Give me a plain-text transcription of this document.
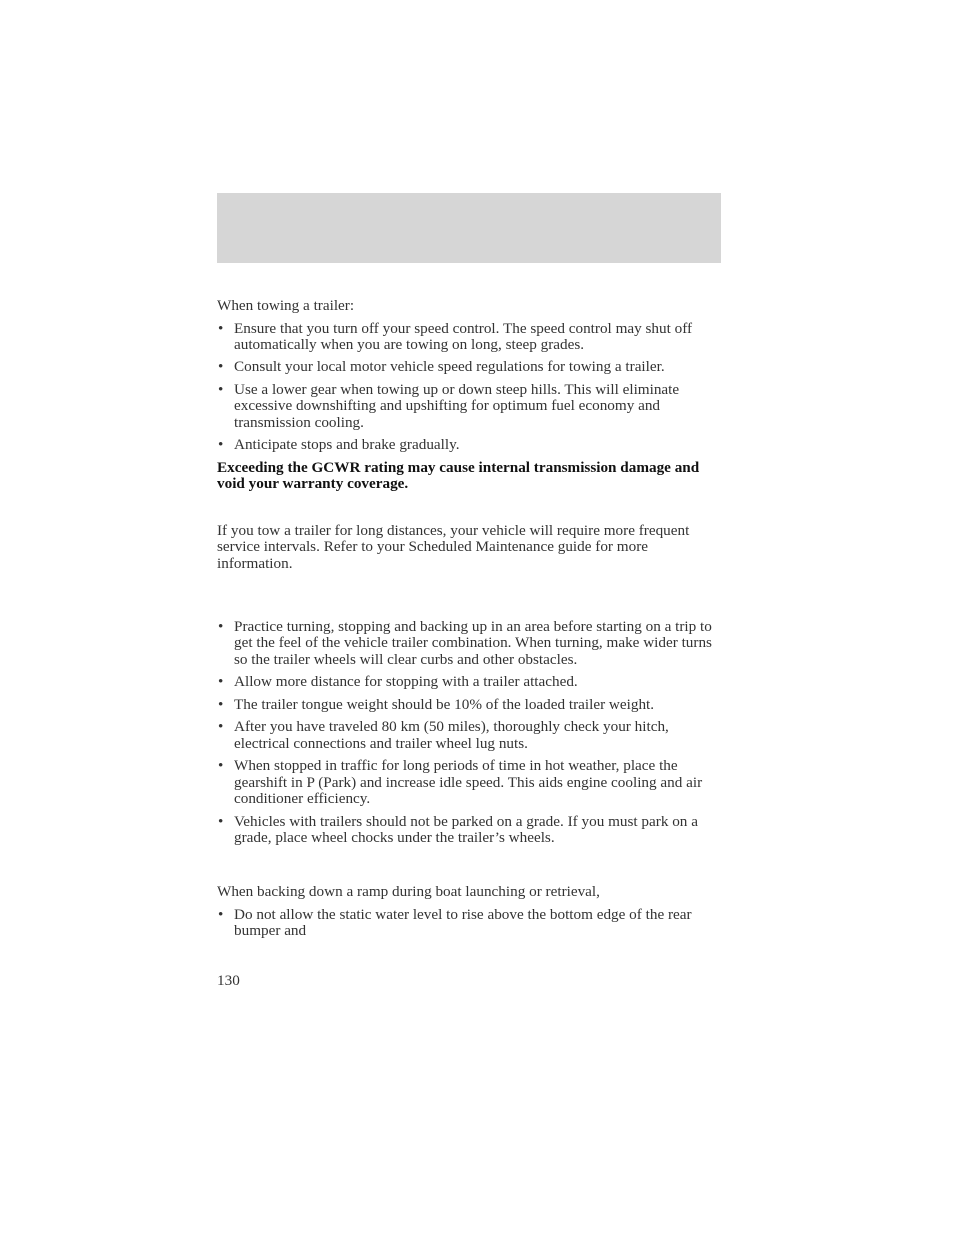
When towing a trailer:

• Ensure that you turn off your speed control. The speed control may shut off automatically when you are towing on long, steep grades.
• Consult your local motor vehicle speed regulations for towing a trailer.
• Use a lower gear when towing up or down steep hills. This will eliminate excessive downshifting and upshifting for optimum fuel economy and transmission cooling.
• Anticipate stops and brake gradually.

Exceeding the GCWR rating may cause internal transmission damage and void your warranty coverage.

If you tow a trailer for long distances, your vehicle will require more frequent service intervals. Refer to your Scheduled Maintenance guide for more information.

• Practice turning, stopping and backing up in an area before starting on a trip to get the feel of the vehicle trailer combination. When turning, make wider turns so the trailer wheels will clear curbs and other obstacles.
• Allow more distance for stopping with a trailer attached.
• The trailer tongue weight should be 10% of the loaded trailer weight.
• After you have traveled 80 km (50 miles), thoroughly check your hitch, electrical connections and trailer wheel lug nuts.
• When stopped in traffic for long periods of time in hot weather, place the gearshift in P (Park) and increase idle speed. This aids engine cooling and air conditioner efficiency.
• Vehicles with trailers should not be parked on a grade. If you must park on a grade, place wheel chocks under the trailer’s wheels.

When backing down a ramp during boat launching or retrieval,

• Do not allow the static water level to rise above the bottom edge of the rear bumper and

130
